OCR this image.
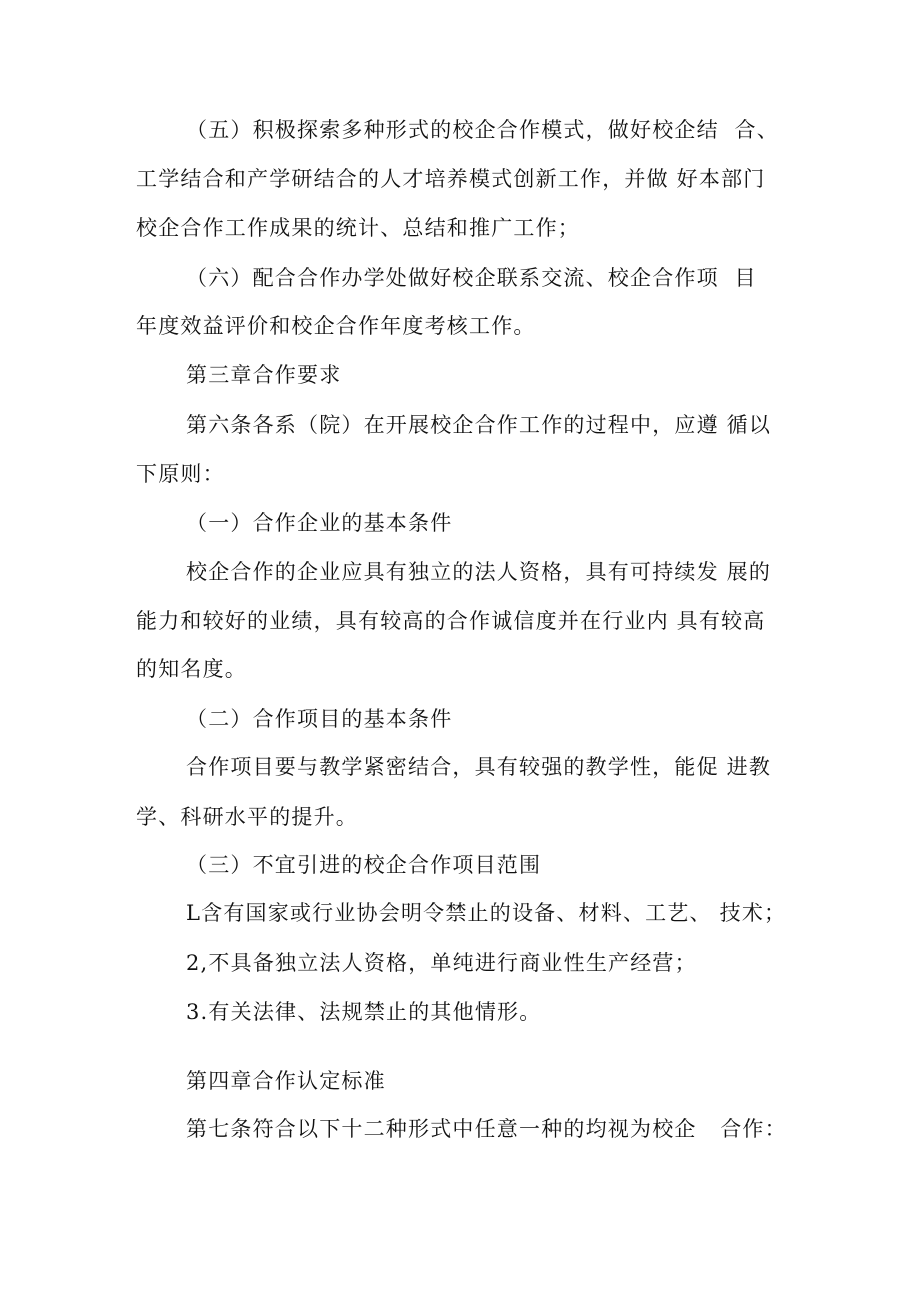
（五）积极探索多种形式的校企合作模式，做好校企结  合、
工学结合和产学研结合的人才培养模式创新工作，并做 好本部门
校企合作工作成果的统计、总结和推广工作；
（六）配合合作办学处做好校企联系交流、校企合作项  目
年度效益评价和校企合作年度考核工作。
第三章合作要求
第六条各系（院）在开展校企合作工作的过程中，应遵 循以
下原则：
（一）合作企业的基本条件
校企合作的企业应具有独立的法人资格，具有可持续发 展的
能力和较好的业绩，具有较高的合作诚信度并在行业内 具有较高
的知名度。
（二）合作项目的基本条件
合作项目要与教学紧密结合，具有较强的教学性，能促 进教
学、科研水平的提升。
（三）不宜引进的校企合作项目范围
L含有国家或行业协会明令禁止的设备、材料、工艺、 技术；
2,不具备独立法人资格，单纯进行商业性生产经营；
3.有关法律、法规禁止的其他情形。
第四章合作认定标准
第七条符合以下十二种形式中任意一种的均视为校企   合作：
